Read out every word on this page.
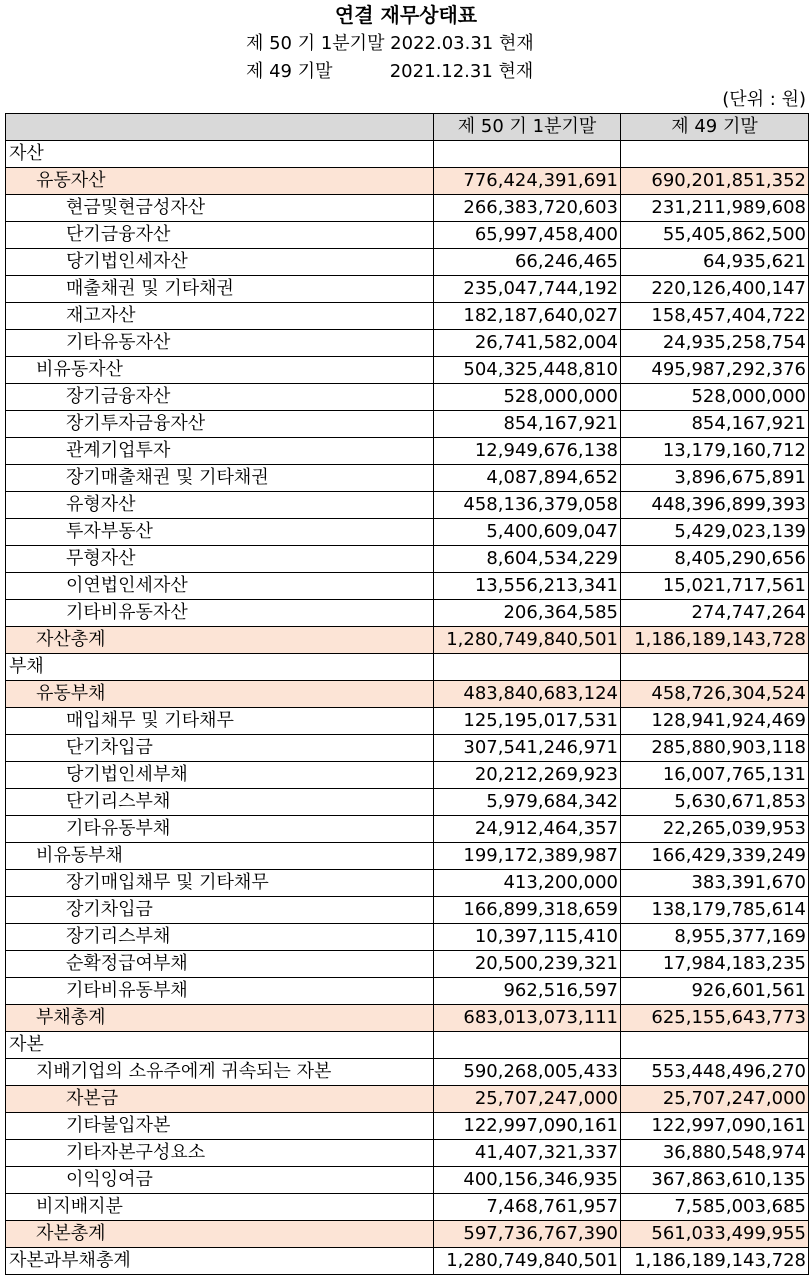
연결 재무상태표
제 50 기 1분기말 2022.03.31 현재
제 49 기말          2021.12.31 현재
(단위 : 원)
	제 50 기 1분기말	제 49 기말
자산		
유동자산	776,424,391,691	690,201,851,352
현금및현금성자산	266,383,720,603	231,211,989,608
단기금융자산	65,997,458,400	55,405,862,500
당기법인세자산	66,246,465	64,935,621
매출채권 및 기타채권	235,047,744,192	220,126,400,147
재고자산	182,187,640,027	158,457,404,722
기타유동자산	26,741,582,004	24,935,258,754
비유동자산	504,325,448,810	495,987,292,376
장기금융자산	528,000,000	528,000,000
장기투자금융자산	854,167,921	854,167,921
관계기업투자	12,949,676,138	13,179,160,712
장기매출채권 및 기타채권	4,087,894,652	3,896,675,891
유형자산	458,136,379,058	448,396,899,393
투자부동산	5,400,609,047	5,429,023,139
무형자산	8,604,534,229	8,405,290,656
이연법인세자산	13,556,213,341	15,021,717,561
기타비유동자산	206,364,585	274,747,264
자산총계	1,280,749,840,501	1,186,189,143,728
부채		
유동부채	483,840,683,124	458,726,304,524
매입채무 및 기타채무	125,195,017,531	128,941,924,469
단기차입금	307,541,246,971	285,880,903,118
당기법인세부채	20,212,269,923	16,007,765,131
단기리스부채	5,979,684,342	5,630,671,853
기타유동부채	24,912,464,357	22,265,039,953
비유동부채	199,172,389,987	166,429,339,249
장기매입채무 및 기타채무	413,200,000	383,391,670
장기차입금	166,899,318,659	138,179,785,614
장기리스부채	10,397,115,410	8,955,377,169
순확정급여부채	20,500,239,321	17,984,183,235
기타비유동부채	962,516,597	926,601,561
부채총계	683,013,073,111	625,155,643,773
자본		
지배기업의 소유주에게 귀속되는 자본	590,268,005,433	553,448,496,270
자본금	25,707,247,000	25,707,247,000
기타불입자본	122,997,090,161	122,997,090,161
기타자본구성요소	41,407,321,337	36,880,548,974
이익잉여금	400,156,346,935	367,863,610,135
비지배지분	7,468,761,957	7,585,003,685
자본총계	597,736,767,390	561,033,499,955
자본과부채총계	1,280,749,840,501	1,186,189,143,728
